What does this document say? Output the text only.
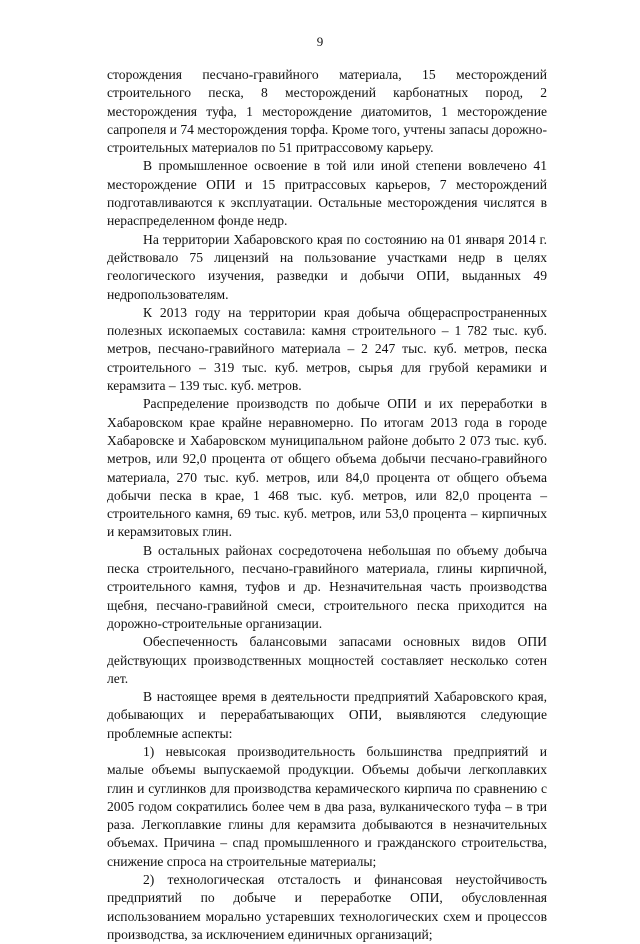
9

сторождения песчано-гравийного материала, 15 месторождений строительного песка, 8 месторождений карбонатных пород, 2 месторождения туфа, 1 месторождение диатомитов, 1 месторождение сапропеля и 74 месторождения торфа. Кроме того, учтены запасы дорожно-строительных материалов по 51 притрассовому карьеру.

В промышленное освоение в той или иной степени вовлечено 41 месторождение ОПИ и 15 притрассовых карьеров, 7 месторождений подготавливаются к эксплуатации. Остальные месторождения числятся в нераспределенном фонде недр.

На территории Хабаровского края по состоянию на 01 января 2014 г. действовало 75 лицензий на пользование участками недр в целях геологического изучения, разведки и добычи ОПИ, выданных 49 недропользователям.

К 2013 году на территории края добыча общераспространенных полезных ископаемых составила: камня строительного – 1 782 тыс. куб. метров, песчано-гравийного материала – 2 247 тыс. куб. метров, песка строительного – 319 тыс. куб. метров, сырья для грубой керамики и керамзита – 139 тыс. куб. метров.

Распределение производств по добыче ОПИ и их переработки в Хабаровском крае крайне неравномерно. По итогам 2013 года в городе Хабаровске и Хабаровском муниципальном районе добыто 2 073 тыс. куб. метров, или 92,0 процента от общего объема добычи песчано-гравийного материала, 270 тыс. куб. метров, или 84,0 процента от общего объема добычи песка в крае, 1 468 тыс. куб. метров, или 82,0 процента – строительного камня, 69 тыс. куб. метров, или 53,0 процента – кирпичных и керамзитовых глин.

В остальных районах сосредоточена небольшая по объему добыча песка строительного, песчано-гравийного материала, глины кирпичной, строительного камня, туфов и др. Незначительная часть производства щебня, песчано-гравийной смеси, строительного песка приходится на дорожно-строительные организации.

Обеспеченность балансовыми запасами основных видов ОПИ действующих производственных мощностей составляет несколько сотен лет.

В настоящее время в деятельности предприятий Хабаровского края, добывающих и перерабатывающих ОПИ, выявляются следующие проблемные аспекты:

1) невысокая производительность большинства предприятий и малые объемы выпускаемой продукции. Объемы добычи легкоплавких глин и суглинков для производства керамического кирпича по сравнению с 2005 годом сократились более чем в два раза, вулканического туфа – в три раза. Легкоплавкие глины для керамзита добываются в незначительных объемах. Причина – спад промышленного и гражданского строительства, снижение спроса на строительные материалы;

2) технологическая отсталость и финансовая неустойчивость предприятий по добыче и переработке ОПИ, обусловленная использованием морально устаревших технологических схем и процессов производства, за исключением единичных организаций;
